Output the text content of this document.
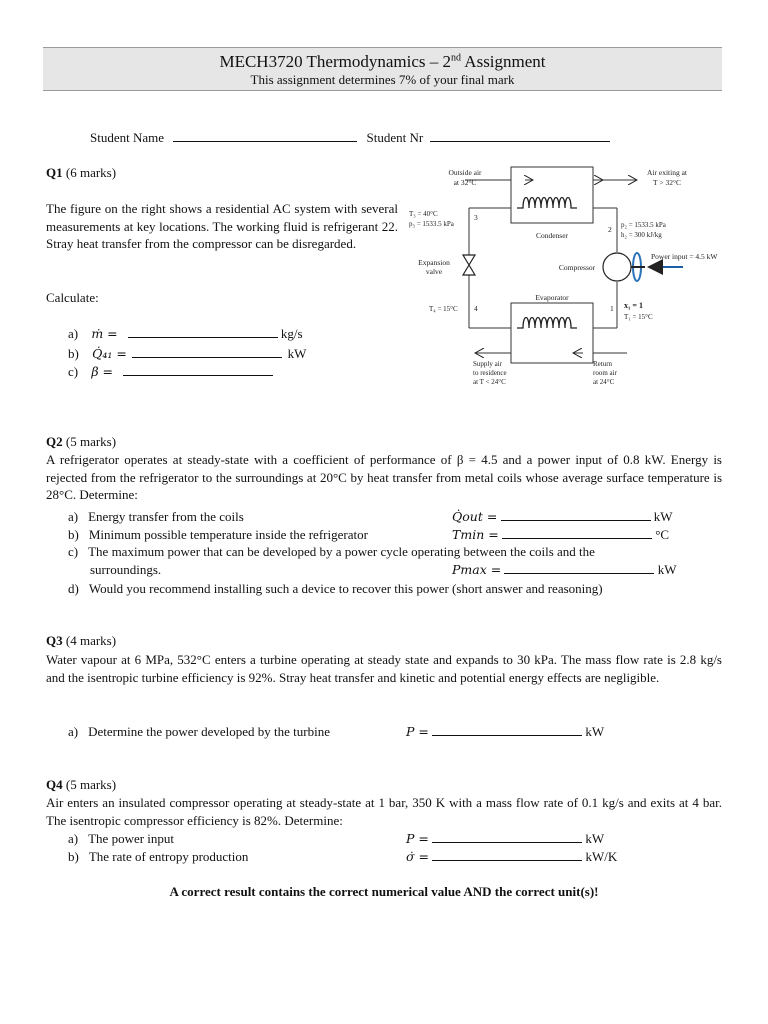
MECH3720 Thermodynamics – 2nd Assignment
This assignment determines 7% of your final mark
Student Name	Student Nr
Q1 (6 marks)
The figure on the right shows a residential AC system with several measurements at key locations. The working fluid is refrigerant 22. Stray heat transfer from the compressor can be disregarded.
Calculate:
a) ṁ =	kg/s
b) Q̇₄₁ =	kW
c) β =
Outside air
at 32°C
Air exiting at
T > 32°C
T₃ = 40°C
p₃ = 1533.5 kPa
3
Condenser
2 p₂ = 1533.5 kPa
h₂ = 300 kJ/kg
Expansion
valve	Compressor
Power input = 4.5 kW
Evaporator
T₄ = 15°C 4	1 x₁ = 1
T₁ = 15°C
Supply air
to residence
at T < 24°C
Return
room air
at 24°C
Q2 (5 marks)
A refrigerator operates at steady-state with a coefficient of performance of β = 4.5 and a power input of 0.8 kW. Energy is rejected from the refrigerator to the surroundings at 20°C by heat transfer from metal coils whose average surface temperature is 28°C. Determine:
a) Energy transfer from the coils	Q̇out =	kW
b) Minimum possible temperature inside the refrigerator	Tmin =	°C
c) The maximum power that can be developed by a power cycle operating between the coils and the
surroundings.	Pmax =	kW
d) Would you recommend installing such a device to recover this power (short answer and reasoning)
Q3 (4 marks)
Water vapour at 6 MPa, 532°C enters a turbine operating at steady state and expands to 30 kPa. The mass flow rate is 2.8 kg/s and the isentropic turbine efficiency is 92%. Stray heat transfer and kinetic and potential energy effects are negligible.
a) Determine the power developed by the turbine	P =	kW
Q4 (5 marks)
Air enters an insulated compressor operating at steady-state at 1 bar, 350 K with a mass flow rate of 0.1 kg/s and exits at 4 bar. The isentropic compressor efficiency is 82%. Determine:
a) The power input	P =	kW
b) The rate of entropy production	σ̇ =	kW/K
A correct result contains the correct numerical value AND the correct unit(s)!
